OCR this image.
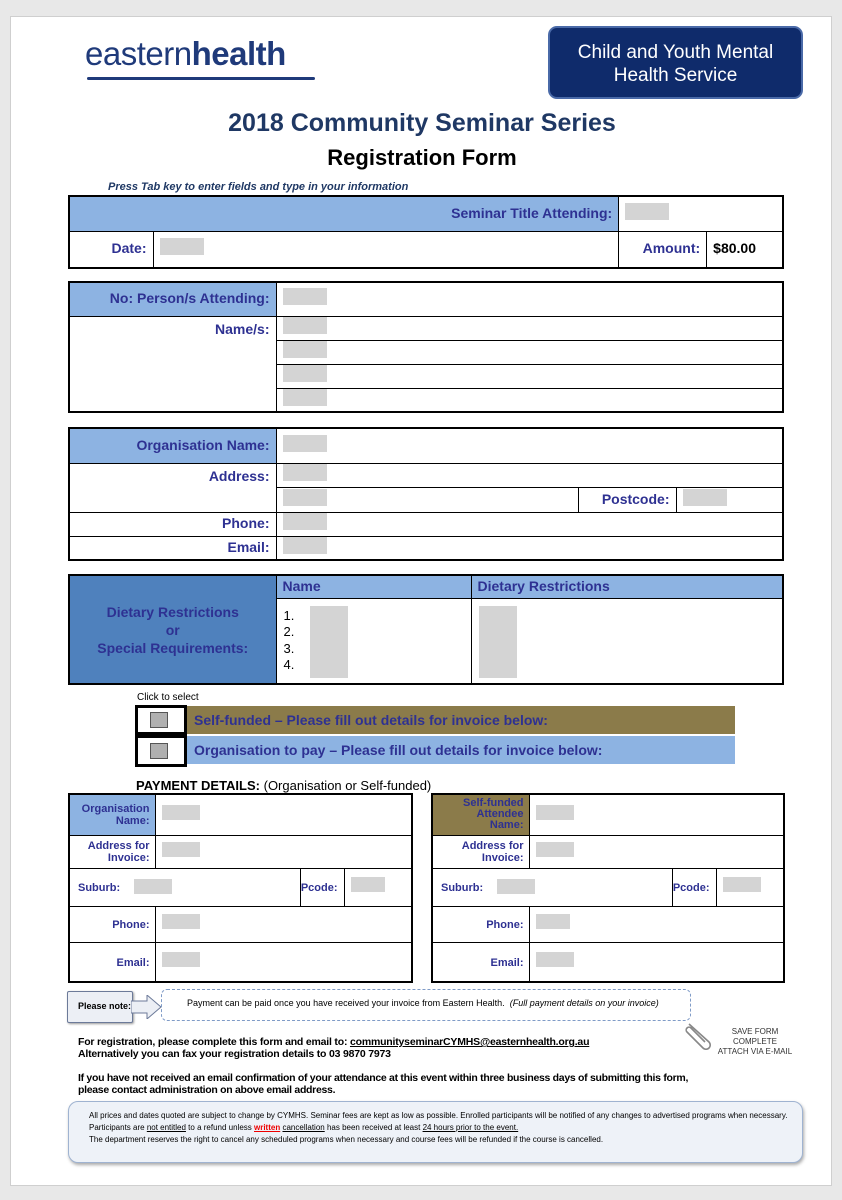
easternhealth	Child and Youth Mental
Health Service
2018 Community Seminar Series
Registration Form
Press Tab key to enter fields and type in your information
Seminar Title Attending:			
Date:		Amount:	$80.00
No: Person/s Attending:	
Name/s:	

Organisation Name:			
Address:			
		Postcode:	
Phone:			
Email:			
Dietary Restrictions
or
Special Requirements:	Name	Dietary Restrictions

	1.
2.
3.
4.	

Click to select
Self-funded – Please fill out details for invoice below:
Organisation to pay – Please fill out details for invoice below:
PAYMENT DETAILS: (Organisation or Self-funded)
Organisation
Name:			

Address for
Invoice:			

Suburb:		Pcode:	
Phone:			
Email:			
Self-funded
Attendee
Name:			

Address for
Invoice:			

Suburb:		Pcode:	
Phone:			
Email:			
Please note:	Payment can be paid once you have received your invoice from Eastern Health. (Full payment details on your invoice)
SAVE FORM
COMPLETE
ATTACH VIA E-MAIL
For registration, please complete this form and email to: communityseminarCYMHS@easternhealth.org.au
Alternatively you can fax your registration details to 03 9870 7973
If you have not received an email confirmation of your attendance at this event within three business days of submitting this form,
please contact administration on above email address.
All prices and dates quoted are subject to change by CYMHS. Seminar fees are kept as low as possible. Enrolled participants will be notified of any changes to advertised programs when necessary. Participants are not entitled to a refund unless written cancellation has been received at least 24 hours prior to the event.
The department reserves the right to cancel any scheduled programs when necessary and course fees will be refunded if the course is cancelled.
